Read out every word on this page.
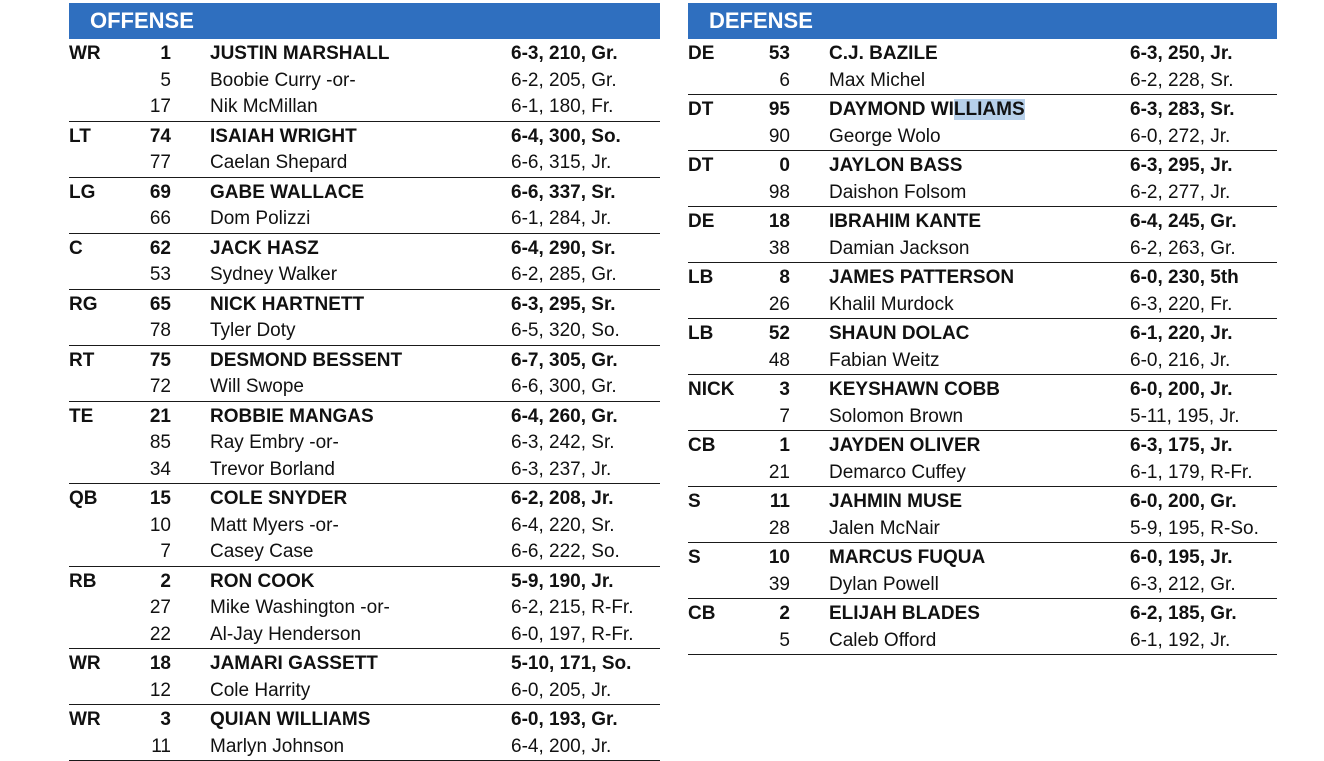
OFFENSE
WR	1 JUSTIN MARSHALL	6-3, 210, Gr.
5 Boobie Curry -or-	6-2, 205, Gr.
17 Nik McMillan	6-1, 180, Fr.
LT	74 ISAIAH WRIGHT	6-4, 300, So.
77 Caelan Shepard	6-6, 315, Jr.
LG	69 GABE WALLACE	6-6, 337, Sr.
66 Dom Polizzi	6-1, 284, Jr.
C	62 JACK HASZ	6-4, 290, Sr.
53 Sydney Walker	6-2, 285, Gr.
RG	65 NICK HARTNETT	6-3, 295, Sr.
78 Tyler Doty	6-5, 320, So.
RT	75 DESMOND BESSENT	6-7, 305, Gr.
72 Will Swope	6-6, 300, Gr.
TE	21 ROBBIE MANGAS	6-4, 260, Gr.
85 Ray Embry -or-	6-3, 242, Sr.
34 Trevor Borland	6-3, 237, Jr.
QB	15 COLE SNYDER	6-2, 208, Jr.
10 Matt Myers -or-	6-4, 220, Sr.
7 Casey Case	6-6, 222, So.
RB	2 RON COOK	5-9, 190, Jr.
27 Mike Washington -or-	6-2, 215, R-Fr.
22 Al-Jay Henderson	6-0, 197, R-Fr.
WR	18 JAMARI GASSETT	5-10, 171, So.
12 Cole Harrity	6-0, 205, Jr.
WR	3 QUIAN WILLIAMS	6-0, 193, Gr.
11 Marlyn Johnson	6-4, 200, Jr.
DEFENSE
DE	53 C.J. BAZILE	6-3, 250, Jr.
6 Max Michel	6-2, 228, Sr.
DT	95 DAYMOND WILLIAMS	6-3, 283, Sr.
90 George Wolo	6-0, 272, Jr.
DT	0 JAYLON BASS	6-3, 295, Jr.
98 Daishon Folsom	6-2, 277, Jr.
DE	18 IBRAHIM KANTE	6-4, 245, Gr.
38 Damian Jackson	6-2, 263, Gr.
LB	8 JAMES PATTERSON	6-0, 230, 5th
26 Khalil Murdock	6-3, 220, Fr.
LB	52 SHAUN DOLAC	6-1, 220, Jr.
48 Fabian Weitz	6-0, 216, Jr.
NICK	3 KEYSHAWN COBB	6-0, 200, Jr.
7 Solomon Brown	5-11, 195, Jr.
CB	1 JAYDEN OLIVER	6-3, 175, Jr.
21 Demarco Cuffey	6-1, 179, R-Fr.
S	11 JAHMIN MUSE	6-0, 200, Gr.
28 Jalen McNair	5-9, 195, R-So.
S	10 MARCUS FUQUA	6-0, 195, Jr.
39 Dylan Powell	6-3, 212, Gr.
CB	2 ELIJAH BLADES	6-2, 185, Gr.
5 Caleb Offord	6-1, 192, Jr.
